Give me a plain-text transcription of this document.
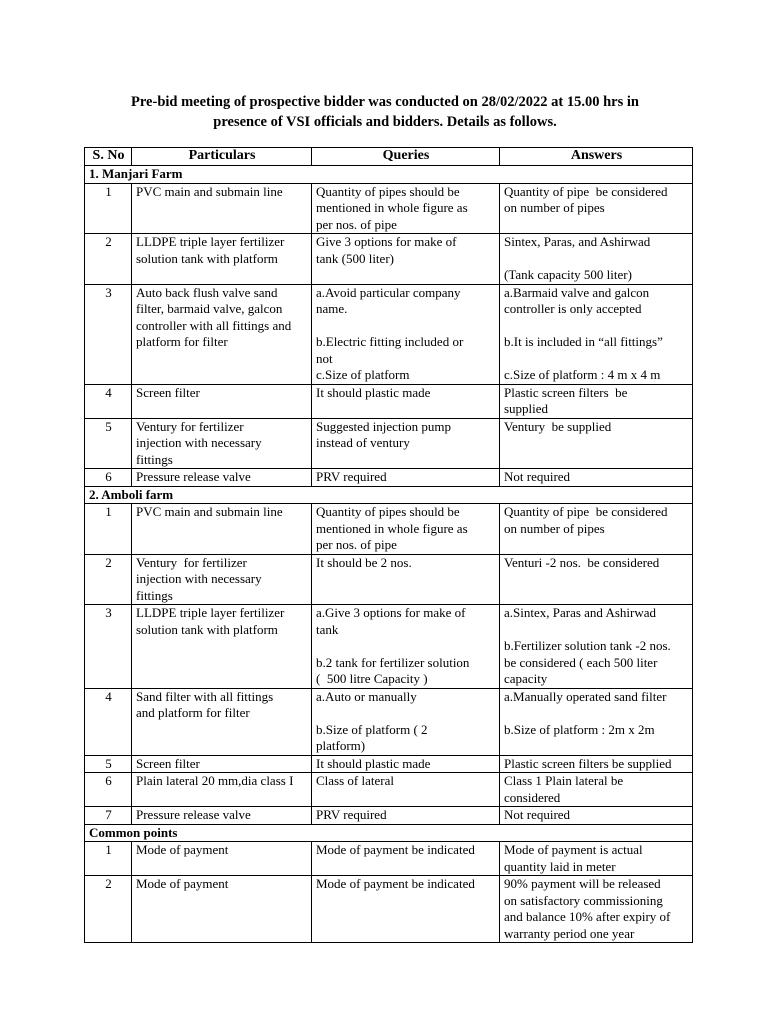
Pre-bid meeting of prospective bidder was conducted on 28/02/2022 at 15.00 hrs in
presence of VSI officials and bidders. Details as follows.
S. No	Particulars	Queries	Answers
1. Manjari Farm			
1	PVC main and submain line	Quantity of pipes should be
mentioned in whole figure as
per nos. of pipe	Quantity of pipe  be considered
on number of pipes

2	LLDPE triple layer fertilizer
solution tank with platform	Give 3 options for make of
tank (500 liter)	Sintex, Paras, and Ashirwad
(Tank capacity 500 liter)

3	Auto back flush valve sand
filter, barmaid valve, galcon
controller with all fittings and
platform for filter	a.Avoid particular company
name.
b.Electric fitting included or
not
c.Size of platform	a.Barmaid valve and galcon
controller is only accepted
b.It is included in “all fittings”
c.Size of platform : 4 m x 4 m

4	Screen filter	It should plastic made	Plastic screen filters  be
supplied

5	Ventury for fertilizer
injection with necessary
fittings	Suggested injection pump
instead of ventury	Ventury  be supplied

6	Pressure release valve	PRV required	Not required

2. Amboli farm			
1	PVC main and submain line	Quantity of pipes should be
mentioned in whole figure as
per nos. of pipe	Quantity of pipe  be considered
on number of pipes

2	Ventury  for fertilizer
injection with necessary
fittings	It should be 2 nos.	Venturi -2 nos.  be considered

3	LLDPE triple layer fertilizer
solution tank with platform	a.Give 3 options for make of
tank
b.2 tank for fertilizer solution
(  500 litre Capacity )	a.Sintex, Paras and Ashirwad
b.Fertilizer solution tank -2 nos.
be considered ( each 500 liter
capacity

4	Sand filter with all fittings
and platform for filter	a.Auto or manually
b.Size of platform ( 2
platform)	a.Manually operated sand filter
b.Size of platform : 2m x 2m

5	Screen filter	It should plastic made	Plastic screen filters be supplied

6	Plain lateral 20 mm,dia class I	Class of lateral	Class 1 Plain lateral be
considered

7	Pressure release valve	PRV required	Not required

Common points			
1	Mode of payment	Mode of payment be indicated	Mode of payment is actual
quantity laid in meter

2	Mode of payment	Mode of payment be indicated	90% payment will be released
on satisfactory commissioning
and balance 10% after expiry of
warranty period one year
